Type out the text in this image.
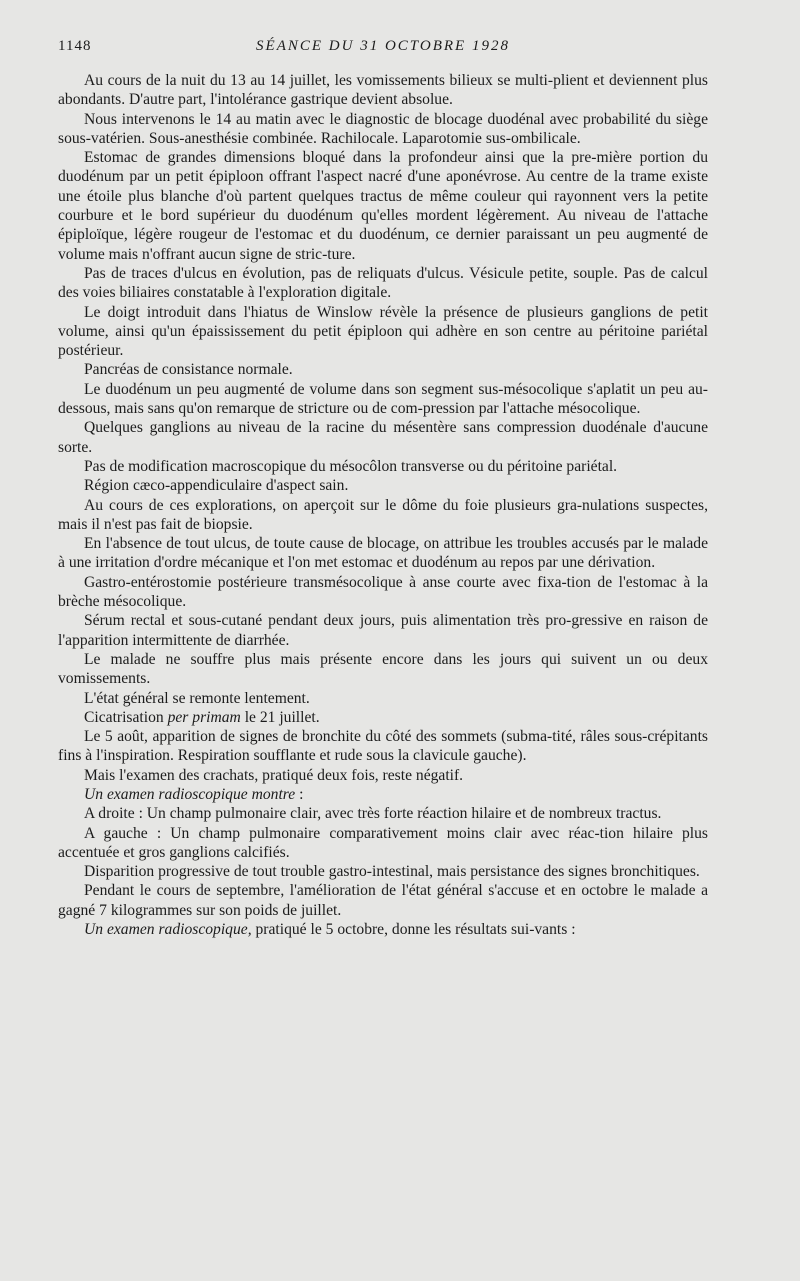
1148	SÉANCE DU 31 OCTOBRE 1928

Au cours de la nuit du 13 au 14 juillet, les vomissements bilieux se multi-plient et deviennent plus abondants. D'autre part, l'intolérance gastrique devient absolue.

Nous intervenons le 14 au matin avec le diagnostic de blocage duodénal avec probabilité du siège sous-vatérien. Sous-anesthésie combinée. Rachilocale. Laparotomie sus-ombilicale.

Estomac de grandes dimensions bloqué dans la profondeur ainsi que la pre-mière portion du duodénum par un petit épiploon offrant l'aspect nacré d'une aponévrose. Au centre de la trame existe une étoile plus blanche d'où partent quelques tractus de même couleur qui rayonnent vers la petite courbure et le bord supérieur du duodénum qu'elles mordent légèrement. Au niveau de l'attache épiploïque, légère rougeur de l'estomac et du duodénum, ce dernier paraissant un peu augmenté de volume mais n'offrant aucun signe de stric-ture.

Pas de traces d'ulcus en évolution, pas de reliquats d'ulcus. Vésicule petite, souple. Pas de calcul des voies biliaires constatable à l'exploration digitale.

Le doigt introduit dans l'hiatus de Winslow révèle la présence de plusieurs ganglions de petit volume, ainsi qu'un épaississement du petit épiploon qui adhère en son centre au péritoine pariétal postérieur.

Pancréas de consistance normale.

Le duodénum un peu augmenté de volume dans son segment sus-mésocolique s'aplatit un peu au-dessous, mais sans qu'on remarque de stricture ou de com-pression par l'attache mésocolique.

Quelques ganglions au niveau de la racine du mésentère sans compression duodénale d'aucune sorte.

Pas de modification macroscopique du mésocôlon transverse ou du péritoine pariétal.

Région cæco-appendiculaire d'aspect sain.

Au cours de ces explorations, on aperçoit sur le dôme du foie plusieurs gra-nulations suspectes, mais il n'est pas fait de biopsie.

En l'absence de tout ulcus, de toute cause de blocage, on attribue les troubles accusés par le malade à une irritation d'ordre mécanique et l'on met estomac et duodénum au repos par une dérivation.

Gastro-entérostomie postérieure transmésocolique à anse courte avec fixa-tion de l'estomac à la brèche mésocolique.

Sérum rectal et sous-cutané pendant deux jours, puis alimentation très pro-gressive en raison de l'apparition intermittente de diarrhée.

Le malade ne souffre plus mais présente encore dans les jours qui suivent un ou deux vomissements.

L'état général se remonte lentement.

Cicatrisation per primam le 21 juillet.

Le 5 août, apparition de signes de bronchite du côté des sommets (subma-tité, râles sous-crépitants fins à l'inspiration. Respiration soufflante et rude sous la clavicule gauche).

Mais l'examen des crachats, pratiqué deux fois, reste négatif.

Un examen radioscopique montre :

A droite : Un champ pulmonaire clair, avec très forte réaction hilaire et de nombreux tractus.

A gauche : Un champ pulmonaire comparativement moins clair avec réac-tion hilaire plus accentuée et gros ganglions calcifiés.

Disparition progressive de tout trouble gastro-intestinal, mais persistance des signes bronchitiques.

Pendant le cours de septembre, l'amélioration de l'état général s'accuse et en octobre le malade a gagné 7 kilogrammes sur son poids de juillet.

Un examen radioscopique, pratiqué le 5 octobre, donne les résultats sui-vants :
